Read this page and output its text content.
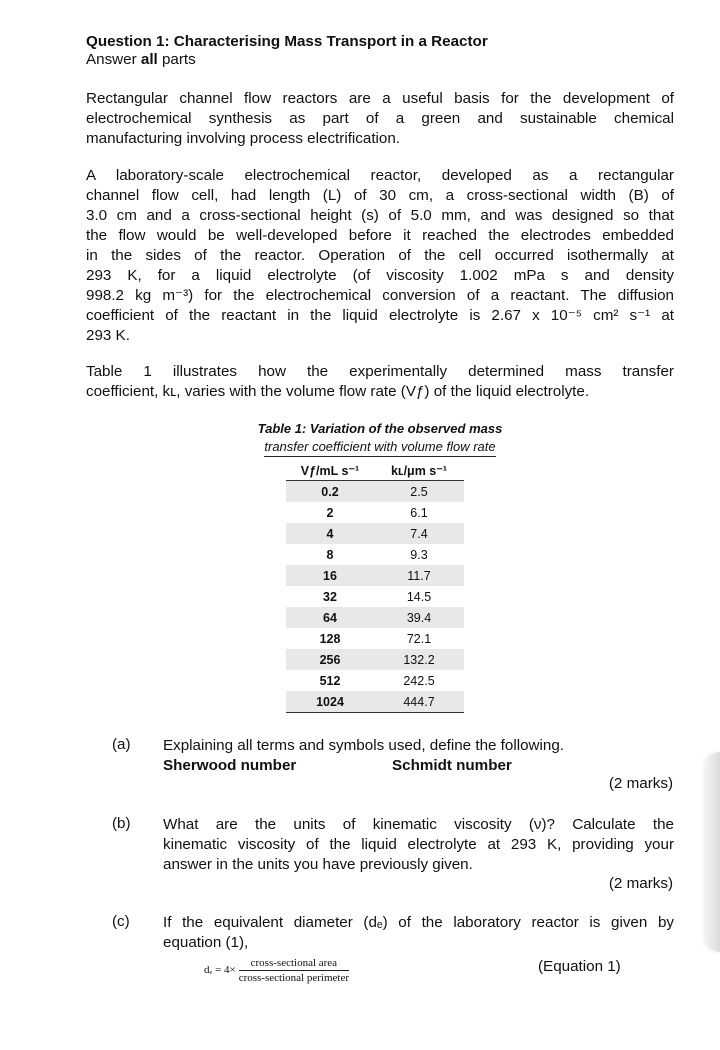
Question 1: Characterising Mass Transport in a Reactor
Answer all parts
Rectangular channel flow reactors are a useful basis for the development of
electrochemical synthesis as part of a green and sustainable chemical
manufacturing involving process electrification.
A laboratory-scale electrochemical reactor, developed as a rectangular
channel flow cell, had length (L) of 30 cm, a cross-sectional width (B) of
3.0 cm and a cross-sectional height (s) of 5.0 mm, and was designed so that
the flow would be well-developed before it reached the electrodes embedded
in the sides of the reactor. Operation of the cell occurred isothermally at
293 K, for a liquid electrolyte (of viscosity 1.002 mPa s and density
998.2 kg m⁻³) for the electrochemical conversion of a reactant. The diffusion
coefficient of the reactant in the liquid electrolyte is 2.67 x 10⁻⁵ cm² s⁻¹ at
293 K.
Table 1 illustrates how the experimentally determined mass transfer
coefficient, kʟ, varies with the volume flow rate (Vƒ) of the liquid electrolyte.
Table 1: Variation of the observed mass
transfer coefficient with volume flow rate
Vƒ/mL s⁻¹	kʟ/μm s⁻¹
0.2	2.5
2	6.1
4	7.4
8	9.3
16	11.7
32	14.5
64	39.4
128	72.1
256	132.2
512	242.5
1024	444.7
(a) Explaining all terms and symbols used, define the following.
Sherwood number	Schmidt number
(2 marks)
(b) What are the units of kinematic viscosity (ν)? Calculate the
kinematic viscosity of the liquid electrolyte at 293 K, providing your
answer in the units you have previously given.
(2 marks)
(c) If the equivalent diameter (dₑ) of the laboratory reactor is given by
equation (1),
$d_e = 4\times \frac{\text{cross-sectional area}}{\text{cross-sectional perimeter}}$	(Equation 1)
